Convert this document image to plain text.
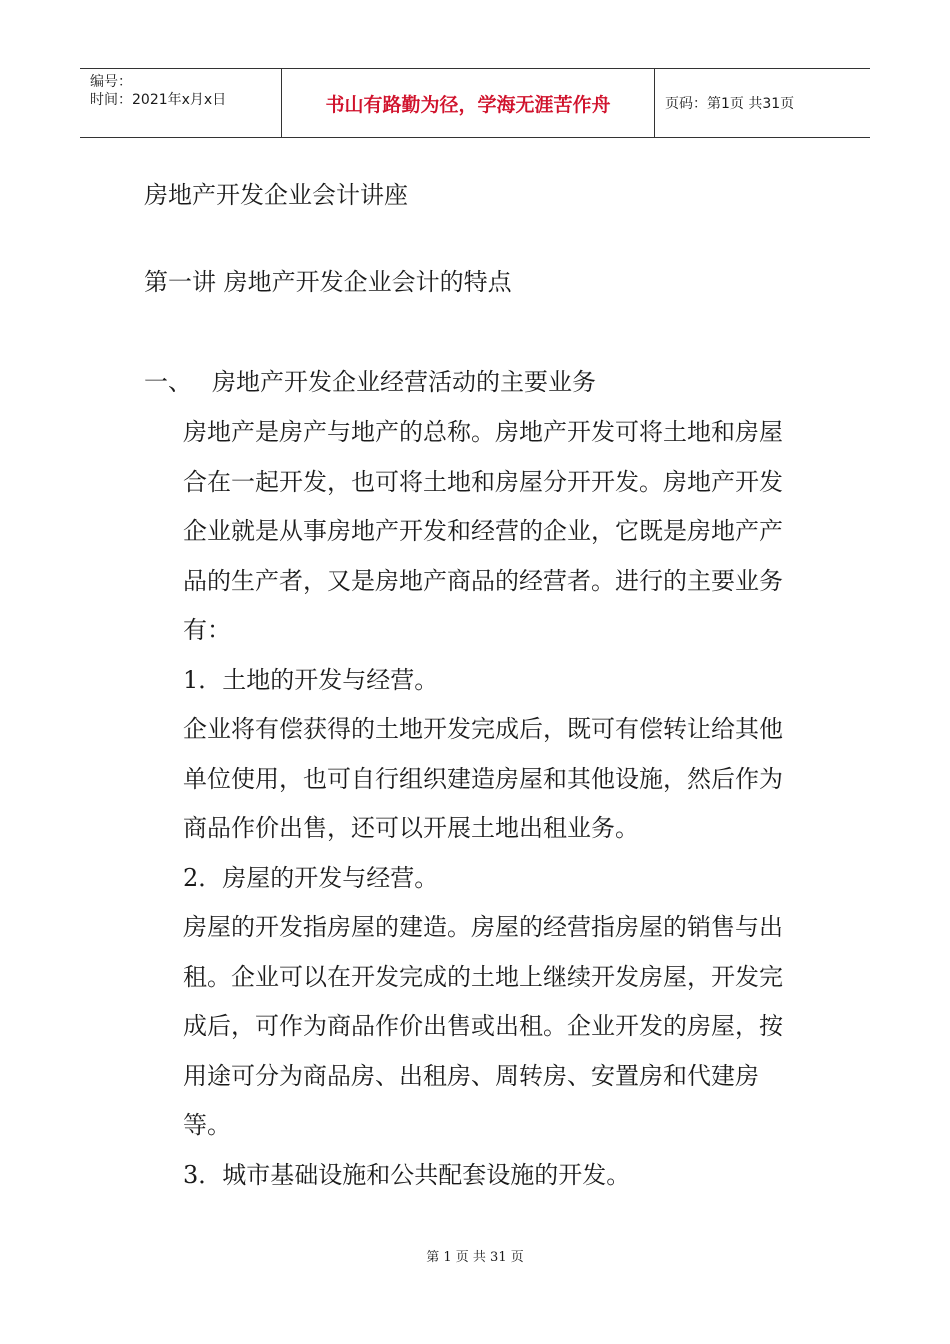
编号：
时间：2021年x月x日	书山有路勤为径，学海无涯苦作舟	页码：第1页 共31页
房地产开发企业会计讲座
第一讲 房地产开发企业会计的特点
一、 房地产开发企业经营活动的主要业务

房地产是房产与地产的总称。房地产开发可将土地和房屋合在一起开发，也可将土地和房屋分开开发。房地产开发企业就是从事房地产开发和经营的企业，它既是房地产产品的生产者，又是房地产商品的经营者。进行的主要业务有：

1．土地的开发与经营。

企业将有偿获得的土地开发完成后，既可有偿转让给其他单位使用，也可自行组织建造房屋和其他设施，然后作为商品作价出售，还可以开展土地出租业务。

2．房屋的开发与经营。

房屋的开发指房屋的建造。房屋的经营指房屋的销售与出租。企业可以在开发完成的土地上继续开发房屋，开发完成后，可作为商品作价出售或出租。企业开发的房屋，按用途可分为商品房、出租房、周转房、安置房和代建房等。

3．城市基础设施和公共配套设施的开发。

第 1 页 共 31 页
